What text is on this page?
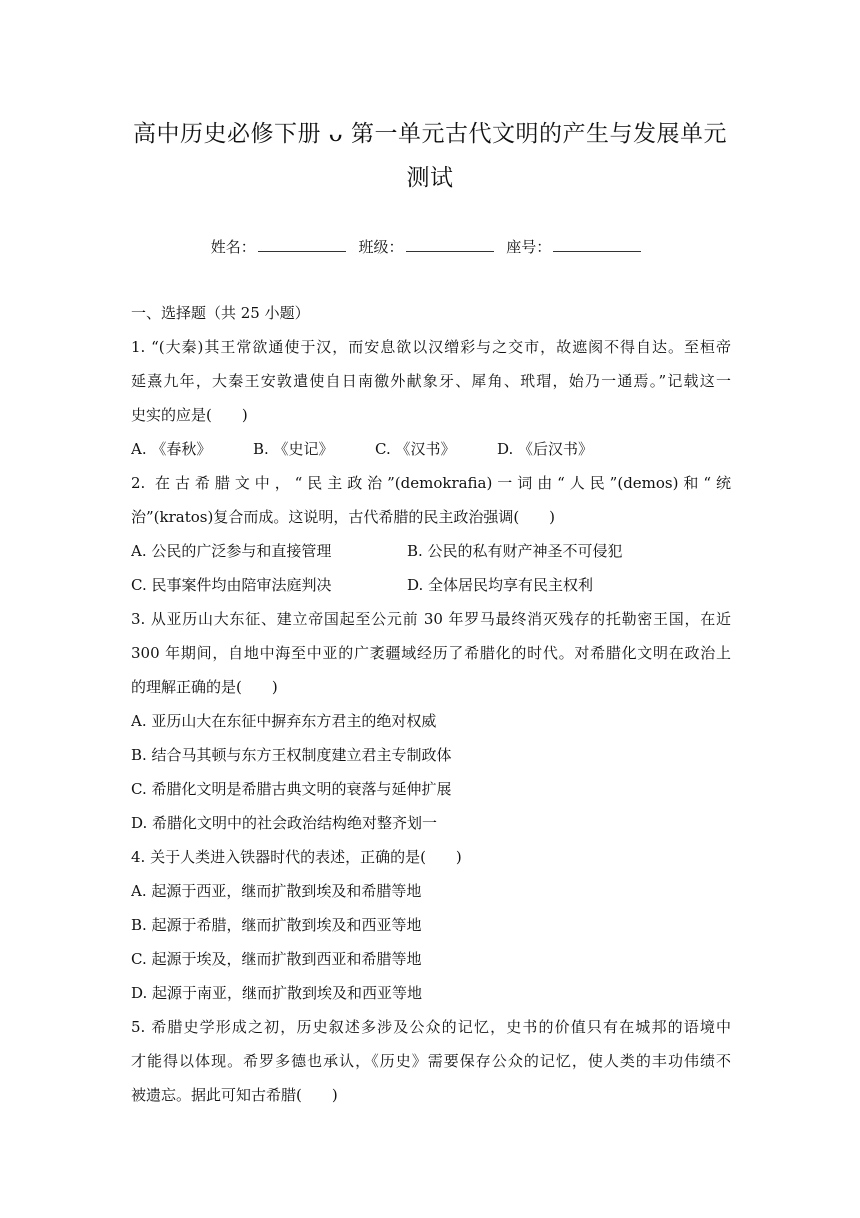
高中历史必修下册 ᴗ 第一单元古代文明的产生与发展单元
测试
姓名：	班级：	座号：
一、选择题（共 25 小题）
1. “(大秦)其王常欲通使于汉，而安息欲以汉缯彩与之交市，故遮阂不得自达。至桓帝
延熹九年，大秦王安敦遣使自日南徼外献象牙、犀角、玳瑁，始乃一通焉。”记载这一
史实的应是(　　)
A. 《春秋》	B. 《史记》	C. 《汉书》	D. 《后汉书》
2. 在古希腊文中，“民主政治”(demokrafia)一词由“人民”(demos)和“统
治”(kratos)复合而成。这说明，古代希腊的民主政治强调(　　)
A. 公民的广泛参与和直接管理	B. 公民的私有财产神圣不可侵犯
C. 民事案件均由陪审法庭判决	D. 全体居民均享有民主权利
3. 从亚历山大东征、建立帝国起至公元前 30 年罗马最终消灭残存的托勒密王国，在近
300 年期间，自地中海至中亚的广袤疆域经历了希腊化的时代。对希腊化文明在政治上
的理解正确的是(　　)
A. 亚历山大在东征中摒弃东方君主的绝对权威
B. 结合马其顿与东方王权制度建立君主专制政体
C. 希腊化文明是希腊古典文明的衰落与延伸扩展
D. 希腊化文明中的社会政治结构绝对整齐划一
4. 关于人类进入铁器时代的表述，正确的是(　　)
A. 起源于西亚，继而扩散到埃及和希腊等地
B. 起源于希腊，继而扩散到埃及和西亚等地
C. 起源于埃及，继而扩散到西亚和希腊等地
D. 起源于南亚，继而扩散到埃及和西亚等地
5. 希腊史学形成之初，历史叙述多涉及公众的记忆，史书的价值只有在城邦的语境中
才能得以体现。希罗多德也承认，《历史》需要保存公众的记忆，使人类的丰功伟绩不
被遗忘。据此可知古希腊(　　)
